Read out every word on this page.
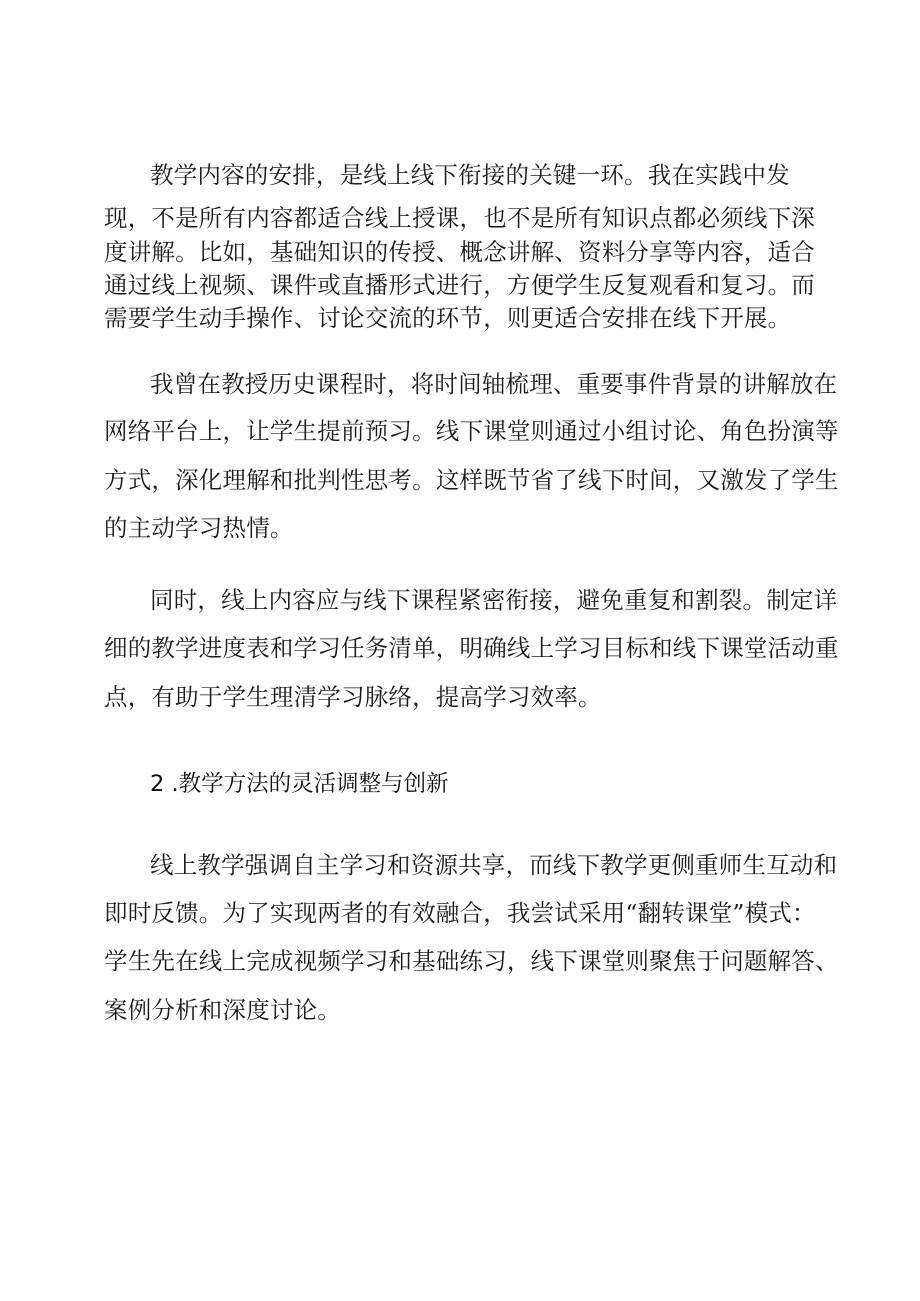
教学内容的安排，是线上线下衔接的关键一环。我在实践中发
现，不是所有内容都适合线上授课，也不是所有知识点都必须线下深
度讲解。比如，基础知识的传授、概念讲解、资料分享等内容，适合
通过线上视频、课件或直播形式进行，方便学生反复观看和复习。而
需要学生动手操作、讨论交流的环节，则更适合安排在线下开展。
我曾在教授历史课程时，将时间轴梳理、重要事件背景的讲解放在
网络平台上，让学生提前预习。线下课堂则通过小组讨论、角色扮演等
方式，深化理解和批判性思考。这样既节省了线下时间，又激发了学生
的主动学习热情。
同时，线上内容应与线下课程紧密衔接，避免重复和割裂。制定详
细的教学进度表和学习任务清单，明确线上学习目标和线下课堂活动重
点，有助于学生理清学习脉络，提高学习效率。
2 .教学方法的灵活调整与创新
线上教学强调自主学习和资源共享，而线下教学更侧重师生互动和
即时反馈。为了实现两者的有效融合，我尝试采用“翻转课堂”模式：
学生先在线上完成视频学习和基础练习，线下课堂则聚焦于问题解答、
案例分析和深度讨论。
